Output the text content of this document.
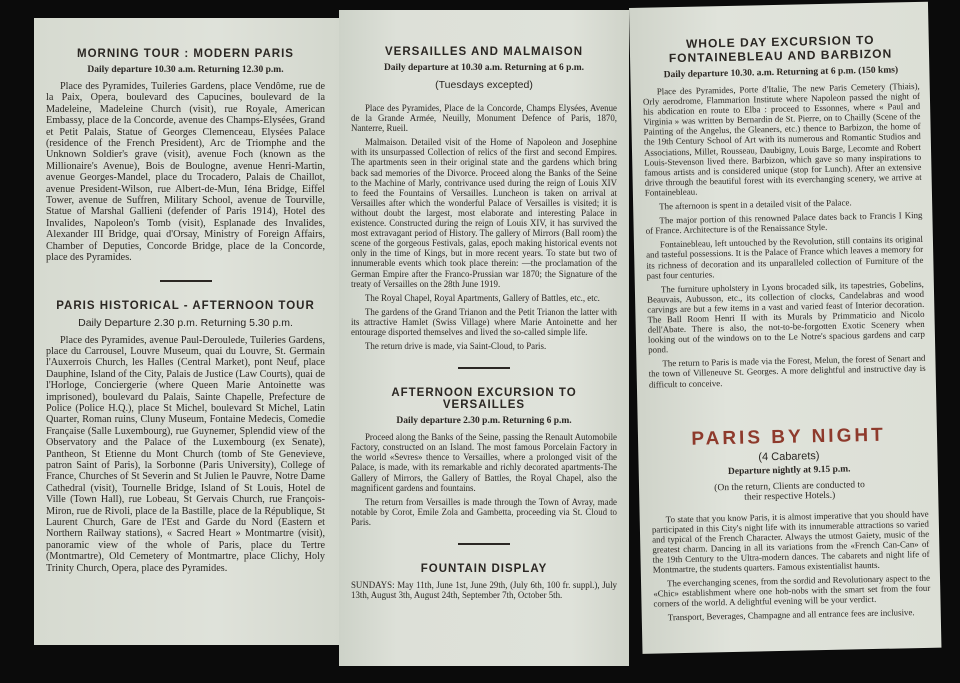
MORNING TOUR : MODERN PARIS
Daily departure 10.30 a.m. Returning 12.30 p.m.

Place des Pyramides, Tuileries Gardens, place Vendôme, rue de la Paix, Opera, boulevard des Capucines, boulevard de la Madeleine, Madeleine Church (visit), rue Royale, American Embassy, place de la Concorde, avenue des Champs-Elysées, Grand et Petit Palais, Statue of Georges Clemenceau, Elysées Palace (residence of the French President), Arc de Triomphe and the Unknown Soldier's grave (visit), avenue Foch (known as the Millionaire's Avenue), Bois de Boulogne, avenue Henri-Martin, avenue Georges-Mandel, place du Trocadero, Palais de Chaillot, avenue President-Wilson, rue Albert-de-Mun, Iéna Bridge, Eiffel Tower, avenue de Suffren, Military School, avenue de Tourville, Statue of Marshal Gallieni (defender of Paris 1914), Hotel des Invalides, Napoleon's Tomb (visit), Esplanade des Invalides, Alexander III Bridge, quai d'Orsay, Ministry of Foreign Affairs, Chamber of Deputies, Concorde Bridge, place de la Concorde, place des Pyramides.

PARIS HISTORICAL - AFTERNOON TOUR
Daily Departure 2.30 p.m. Returning 5.30 p.m.

Place des Pyramides, avenue Paul-Deroulede, Tuileries Gardens, place du Carrousel, Louvre Museum, quai du Louvre, St. Germain l'Auxerrois Church, les Halles (Central Market), pont Neuf, place Dauphine, Island of the City, Palais de Justice (Law Courts), quai de l'Horloge, Conciergerie (where Queen Marie Antoinette was imprisoned), boulevard du Palais, Sainte Chapelle, Prefecture de Police (Police H.Q.), place St Michel, boulevard St Michel, Latin Quarter, Roman ruins, Cluny Museum, Fontaine Medecis, Comedie Française (Salle Luxembourg), rue Guynemer, Splendid view of the Observatory and the Palace of the Luxembourg (ex Senate), Pantheon, St Etienne du Mont Church (tomb of Ste Genevieve, patron Saint of Paris), la Sorbonne (Paris University), College of France, Churches of St Severin and St Julien le Pauvre, Notre Dame Cathedral (visit), Tournelle Bridge, Island of St Louis, Hotel de Ville (Town Hall), rue Lobeau, St Gervais Church, rue François-Miron, rue de Rivoli, place de la Bastille, place de la République, St Laurent Church, Gare de l'Est and Garde du Nord (Eastern et Northern Railway stations), « Sacred Heart » Montmartre (visit), panoramic view of the whole of Paris, place du Tertre (Montmartre), Old Cemetery of Montmartre, place Clichy, Holy Trinity Church, Opera, place des Pyramides.

VERSAILLES AND MALMAISON
Daily departure at 10.30 a.m. Returning at 6 p.m.
(Tuesdays excepted)

Place des Pyramides, Place de la Concorde, Champs Elysées, Avenue de la Grande Armée, Neuilly, Monument Defence of Paris, 1870, Nanterre, Rueil.

Malmaison. Detailed visit of the Home of Napoleon and Josephine with its unsurpassed Collection of relics of the first and second Empires. The apartments seen in their original state and the gardens which bring back sad memories of the Divorce. Proceed along the Banks of the Seine to the Machine of Marly, contrivance used during the reign of Louis XIV to feed the Fountains of Versailles. Luncheon is taken on arrival at Versailles after which the wonderful Palace of Versailles is visited; it is without doubt the largest, most elaborate and interesting Palace in existence. Constructed during the reign of Louis XIV, it has survived the most extravagant period of History. The gallery of Mirrors (Ball room) the scene of the gorgeous Festivals, galas, epoch making historical events not only in the time of Kings, but in more recent years. To state but two of innumerable events which took place therein: —the proclamation of the German Empire after the Franco-Prussian war 1870; the Signature of the treaty of Versailles on the 28th June 1919.

The Royal Chapel, Royal Apartments, Gallery of Battles, etc., etc.

The gardens of the Grand Trianon and the Petit Trianon the latter with its attractive Hamlet (Swiss Village) where Marie Antoinette and her entourage disported themselves and lived the so-called simple life.

The return drive is made, via Saint-Cloud, to Paris.

AFTERNOON EXCURSION TO VERSAILLES
Daily departure 2.30 p.m. Returning 6 p.m.

Proceed along the Banks of the Seine, passing the Renault Automobile Factory, constructed on an Island. The most famous Porcelain Factory in the world «Sevres» thence to Versailles, where a prolonged visit of the Palace, is made, with its remarkable and richly decorated apartments-The Gallery of Mirrors, the Gallery of Battles, the Royal Chapel, also the magnificent gardens and fountains.

The return from Versailles is made through the Town of Avray, made notable by Corot, Emile Zola and Gambetta, proceeding via St. Cloud to Paris.

FOUNTAIN DISPLAY

SUNDAYS: May 11th, June 1st, June 29th, (July 6th, 100 fr. suppl.), July 13th, August 3th, August 24th, September 7th, October 5th.

WHOLE DAY EXCURSION TO FONTAINEBLEAU AND BARBIZON
Daily departure 10.30. a.m. Returning at 6 p.m. (150 kms)

Place des Pyramides, Porte d'Italie, The new Paris Cemetery (Thiais), Orly aerodrome, Flammarion Institute where Napoleon passed the night of his abdication en route to Elba : proceed to Essonnes, where « Paul and Virginia » was written by Bernardin de St. Pierre, on to Chailly (Scene of the Painting of the Angelus, the Gleaners, etc.) thence to Barbizon, the home of the 19th Century School of Art with its numerous and Romantic Studios and Associations, Millet, Rousseau, Daubigny, Louis Barge, Lecomte and Robert Louis-Stevenson lived there. Barbizon, which gave so many inspirations to famous artists and is considered unique (stop for Lunch). After an extensive drive through the beautiful forest with its everchanging scenery, we arrive at Fontainebleau.

The afternoon is spent in a detailed visit of the Palace.

The major portion of this renowned Palace dates back to Francis I King of France. Architecture is of the Renaissance Style.

Fontainebleau, left untouched by the Revolution, still contains its original and tasteful possessions. It is the Palace of France which leaves a memory for its richness of decoration and its unparalleled collection of Furniture of the past four centuries.

The furniture upholstery in Lyons brocaded silk, its tapestries, Gobelins, Beauvais, Aubusson, etc., its collection of clocks, Candelabras and wood carvings are but a few items in a vast and varied feast of Interior decoration. The Ball Room Henri II with its Murals by Primmaticio and Nicolo dell'Abate. There is also, the not-to-be-forgotten Exotic Scenery when looking out of the windows on to the Le Notre's spacious gardens and carp pond.

The return to Paris is made via the Forest, Melun, the forest of Senart and the town of Villeneuve St. Georges. A more delightful and instructive day is difficult to conceive.

PARIS BY NIGHT
(4 Cabarets)
Departure nightly at 9.15 p.m.
(On the return, Clients are conducted to their respective Hotels.)

To state that you know Paris, it is almost imperative that you should have participated in this City's night life with its innumerable attractions so varied and typical of the French Character. Always the utmost Gaiety, music of the greatest charm. Dancing in all its variations from the «French Can-Can» of the 19th Century to the Ultra-modern dances. The cabarets and night life of Montmartre, the students quarters. Famous existentialist haunts.

The everchanging scenes, from the sordid and Revolutionary aspect to the «Chic» establishment where one hob-nobs with the smart set from the four corners of the world. A delightful evening will be your verdict.

Transport, Beverages, Champagne and all entrance fees are inclusive.
